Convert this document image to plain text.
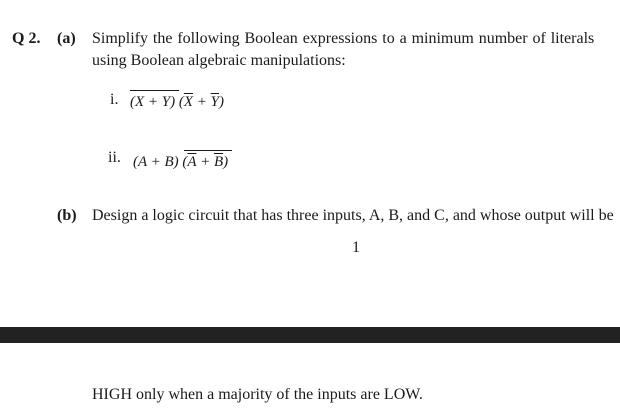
Q 2. (a) Simplify the following Boolean expressions to a minimum number of literals
using Boolean algebraic manipulations:
i. (X + Y) $(\overline{X} + \overline{Y})$
ii. (A + B) $(\overline{A} + \overline{B})$
(b) Design a logic circuit that has three inputs, A, B, and C, and whose output will be
1
HIGH only when a majority of the inputs are LOW.
